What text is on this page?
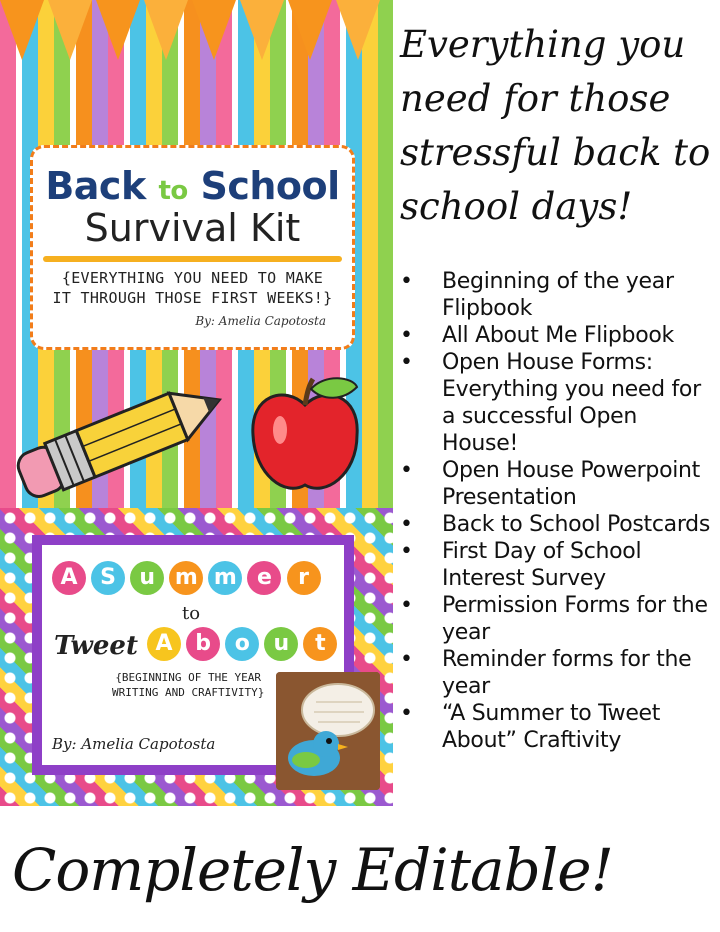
Back to School
Survival Kit
{EVERYTHING YOU NEED TO MAKE
IT THROUGH THOSE FIRST WEEKS!}
By: Amelia Capotosta
A S u m m e r
to
Tweet A b o u t
{BEGINNING OF THE YEAR
WRITING AND CRAFTIVITY}
By: Amelia Capotosta
Everything you need for those stressful back to school days!
• Beginning of the year Flipbook
• All About Me Flipbook
• Open House Forms: Everything you need for a successful Open House!
• Open House Powerpoint Presentation
• Back to School Postcards
• First Day of School Interest Survey
• Permission Forms for the year
• Reminder forms for the year
• “A Summer to Tweet About” Craftivity
Completely Editable!
